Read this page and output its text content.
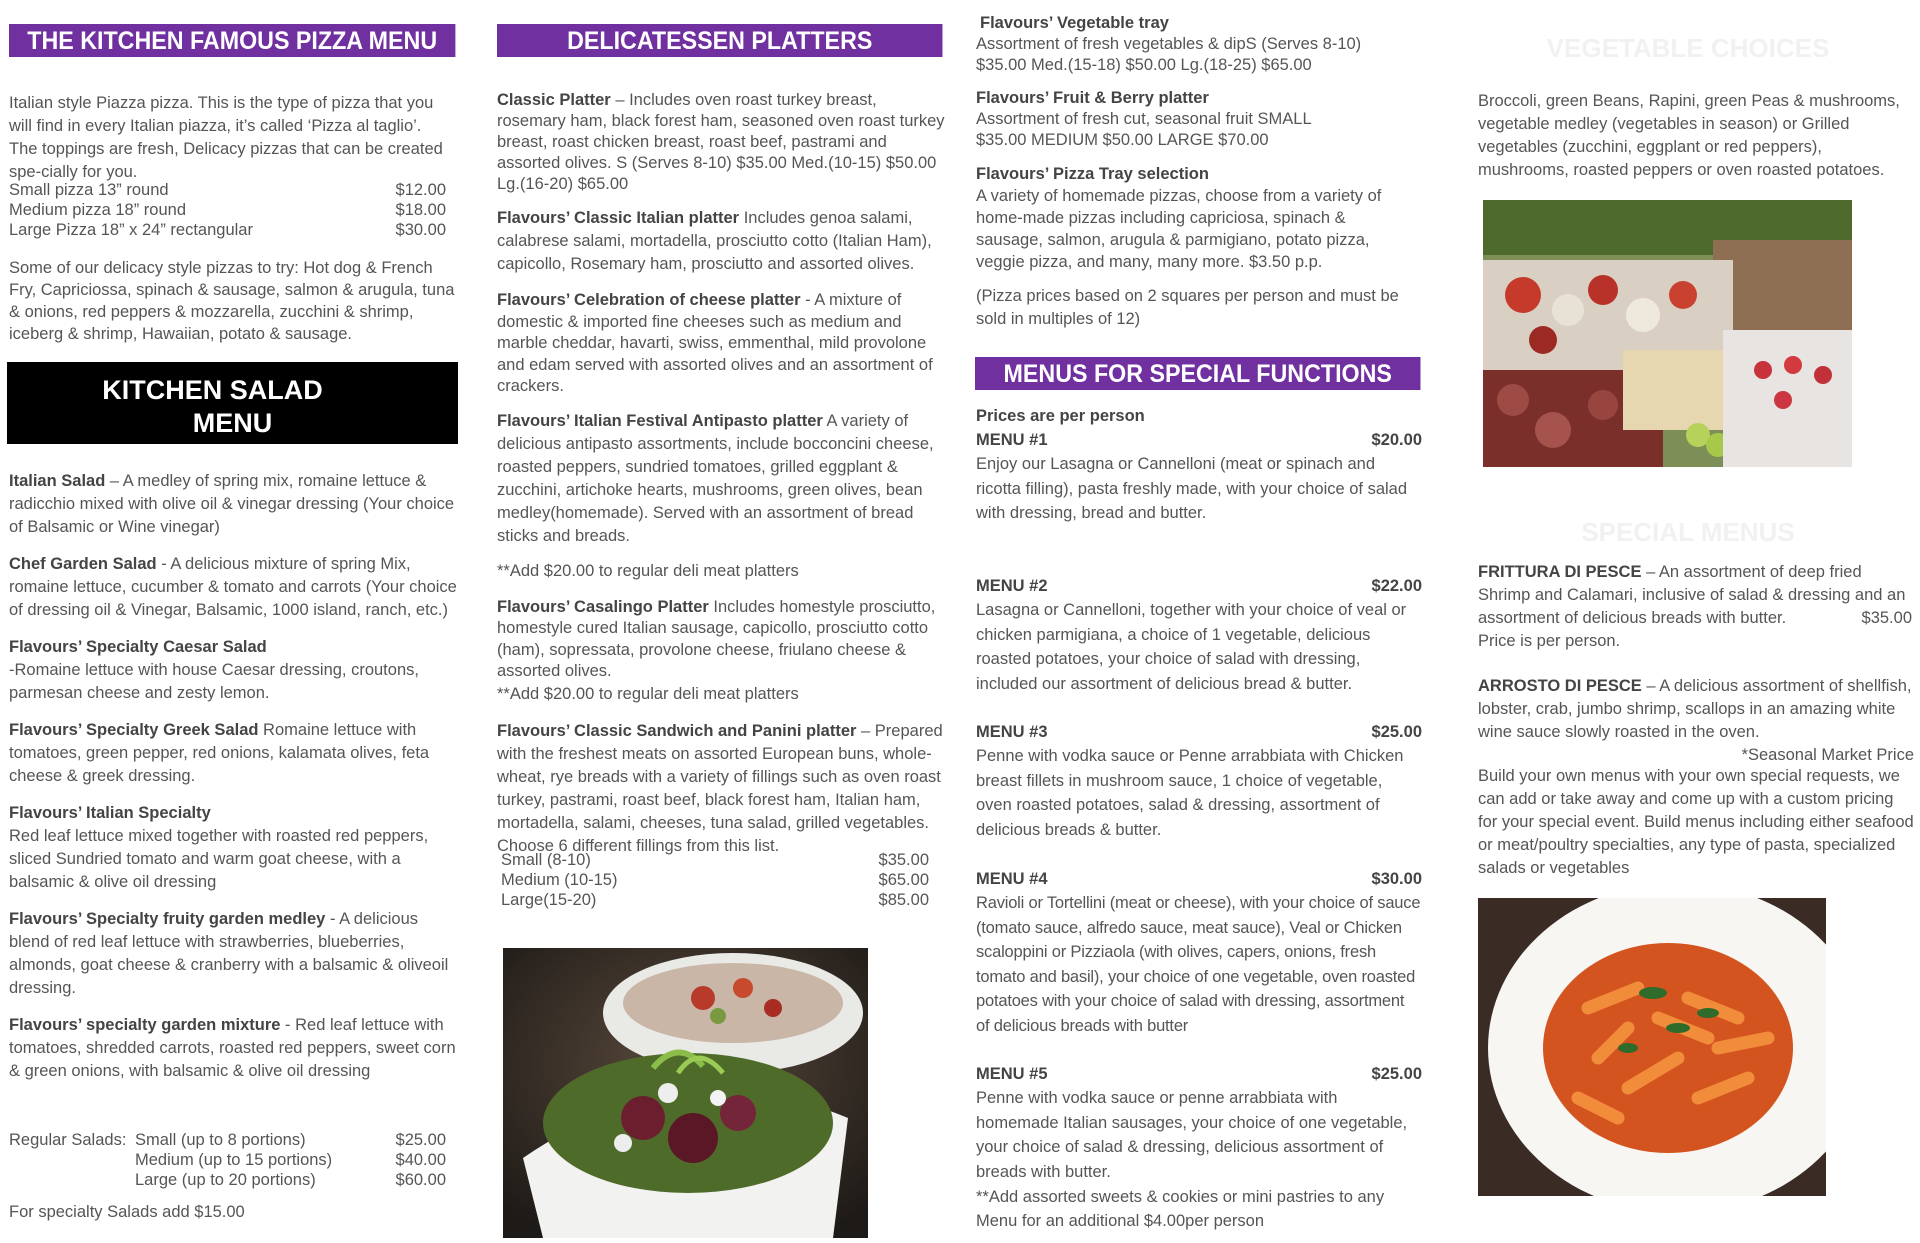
THE KITCHEN FAMOUS PIZZA MENU

Italian style Piazza pizza. This is the type of pizza that you will find in every Italian piazza, it’s called ‘Pizza al taglio’. The toppings are fresh, Delicacy pizzas that can be created spe-cially for you.

Small pizza 13” round	$12.00
Medium pizza 18” round	$18.00
Large Pizza 18” x 24” rectangular	$30.00

Some of our delicacy style pizzas to try: Hot dog & French Fry, Capriciossa, spinach & sausage, salmon & arugula, tuna & onions, red peppers & mozzarella, zucchini & shrimp, iceberg & shrimp, Hawaiian, potato & sausage.

KITCHEN SALAD
MENU

Italian Salad – A medley of spring mix, romaine lettuce & radicchio mixed with olive oil & vinegar dressing (Your choice of Balsamic or Wine vinegar)

Chef Garden Salad - A delicious mixture of spring Mix, romaine lettuce, cucumber & tomato and carrots (Your choice of dressing oil & Vinegar, Balsamic, 1000 island, ranch, etc.)

Flavours’ Specialty Caesar Salad
-Romaine lettuce with house Caesar dressing, croutons, parmesan cheese and zesty lemon.

Flavours’ Specialty Greek Salad Romaine lettuce with tomatoes, green pepper, red onions, kalamata olives, feta cheese & greek dressing.

Flavours’ Italian Specialty
Red leaf lettuce mixed together with roasted red peppers, sliced Sundried tomato and warm goat cheese, with a balsamic & olive oil dressing

Flavours’ Specialty fruity garden medley - A delicious blend of red leaf lettuce with strawberries, blueberries, almonds, goat cheese & cranberry with a balsamic & oliveoil dressing.

Flavours’ specialty garden mixture - Red leaf lettuce with tomatoes, shredded carrots, roasted red peppers, sweet corn & green onions, with balsamic & olive oil dressing

Regular Salads: Small (up to 8 portions)	$25.00
Medium (up to 15 portions)	$40.00
Large (up to 20 portions)	$60.00

For specialty Salads add $15.00

DELICATESSEN PLATTERS

Classic Platter – Includes oven roast turkey breast, rosemary ham, black forest ham, seasoned oven roast turkey breast, roast chicken breast, roast beef, pastrami and assorted olives. S (Serves 8-10) $35.00 Med.(10-15) $50.00 Lg.(16-20) $65.00

Flavours’ Classic Italian platter Includes genoa salami, calabrese salami, mortadella, prosciutto cotto (Italian Ham), capicollo, Rosemary ham, prosciutto and assorted olives.

Flavours’ Celebration of cheese platter - A mixture of domestic & imported fine cheeses such as medium and marble cheddar, havarti, swiss, emmenthal, mild provolone and edam served with assorted olives and an assortment of crackers.

Flavours’ Italian Festival Antipasto platter A variety of delicious antipasto assortments, include bocconcini cheese, roasted peppers, sundried tomatoes, grilled eggplant & zucchini, artichoke hearts, mushrooms, green olives, bean medley(homemade). Served with an assortment of bread sticks and breads.

**Add $20.00 to regular deli meat platters

Flavours’ Casalingo Platter Includes homestyle prosciutto, homestyle cured Italian sausage, capicollo, prosciutto cotto (ham), sopressata, provolone cheese, friulano cheese & assorted olives.

**Add $20.00 to regular deli meat platters

Flavours’ Classic Sandwich and Panini platter – Prepared with the freshest meats on assorted European buns, whole-wheat, rye breads with a variety of fillings such as oven roast turkey, pastrami, roast beef, black forest ham, Italian ham, mortadella, salami, cheeses, tuna salad, grilled vegetables. Choose 6 different fillings from this list.

Small (8-10)	$35.00
Medium (10-15)	$65.00
Large(15-20)	$85.00

Flavours’ Vegetable tray
Assortment of fresh vegetables & dipS (Serves 8-10) $35.00 Med.(15-18) $50.00 Lg.(18-25) $65.00

Flavours’ Fruit & Berry platter
Assortment of fresh cut, seasonal fruit SMALL $35.00 MEDIUM $50.00 LARGE $70.00

Flavours’ Pizza Tray selection
A variety of homemade pizzas, choose from a variety of home-made pizzas including capriciosa, spinach & sausage, salmon, arugula & parmigiano, potato pizza, veggie pizza, and many, many more. $3.50 p.p.

(Pizza prices based on 2 squares per person and must be sold in multiples of 12)

MENUS FOR SPECIAL FUNCTIONS

Prices are per person

MENU #1	$20.00

Enjoy our Lasagna or Cannelloni (meat or spinach and ricotta filling), pasta freshly made, with your choice of salad with dressing, bread and butter.

MENU #2	$22.00

Lasagna or Cannelloni, together with your choice of veal or chicken parmigiana, a choice of 1 vegetable, delicious roasted potatoes, your choice of salad with dressing, included our assortment of delicious bread & butter.

MENU #3	$25.00

Penne with vodka sauce or Penne arrabbiata with Chicken breast fillets in mushroom sauce, 1 choice of vegetable, oven roasted potatoes, salad & dressing, assortment of delicious breads & butter.

MENU #4	$30.00

Ravioli or Tortellini (meat or cheese), with your choice of sauce (tomato sauce, alfredo sauce, meat sauce), Veal or Chicken scaloppini or Pizziaola (with olives, capers, onions, fresh tomato and basil), your choice of one vegetable, oven roasted potatoes with your choice of salad with dressing, assortment of delicious breads with butter

MENU #5	$25.00

Penne with vodka sauce or penne arrabbiata with homemade Italian sausages, your choice of one vegetable, your choice of salad & dressing, delicious assortment of breads with butter.

**Add assorted sweets & cookies or mini pastries to any Menu for an additional $4.00per person

VEGETABLE CHOICES

Broccoli, green Beans, Rapini, green Peas & mushrooms, vegetable medley (vegetables in season) or Grilled vegetables (zucchini, eggplant or red peppers), mushrooms, roasted peppers or oven roasted potatoes.

SPECIAL MENUS

FRITTURA DI PESCE – An assortment of deep fried Shrimp and Calamari, inclusive of salad & dressing and an assortment of delicious breads with butter.	$35.00

Price is per person.

ARROSTO DI PESCE – A delicious assortment of shellfish, lobster, crab, jumbo shrimp, scallops in an amazing white wine sauce slowly roasted in the oven.
*Seasonal Market Price

Build your own menus with your own special requests, we can add or take away and come up with a custom pricing for your special event. Build menus including either seafood or meat/poultry specialties, any type of pasta, specialized salads or vegetables
